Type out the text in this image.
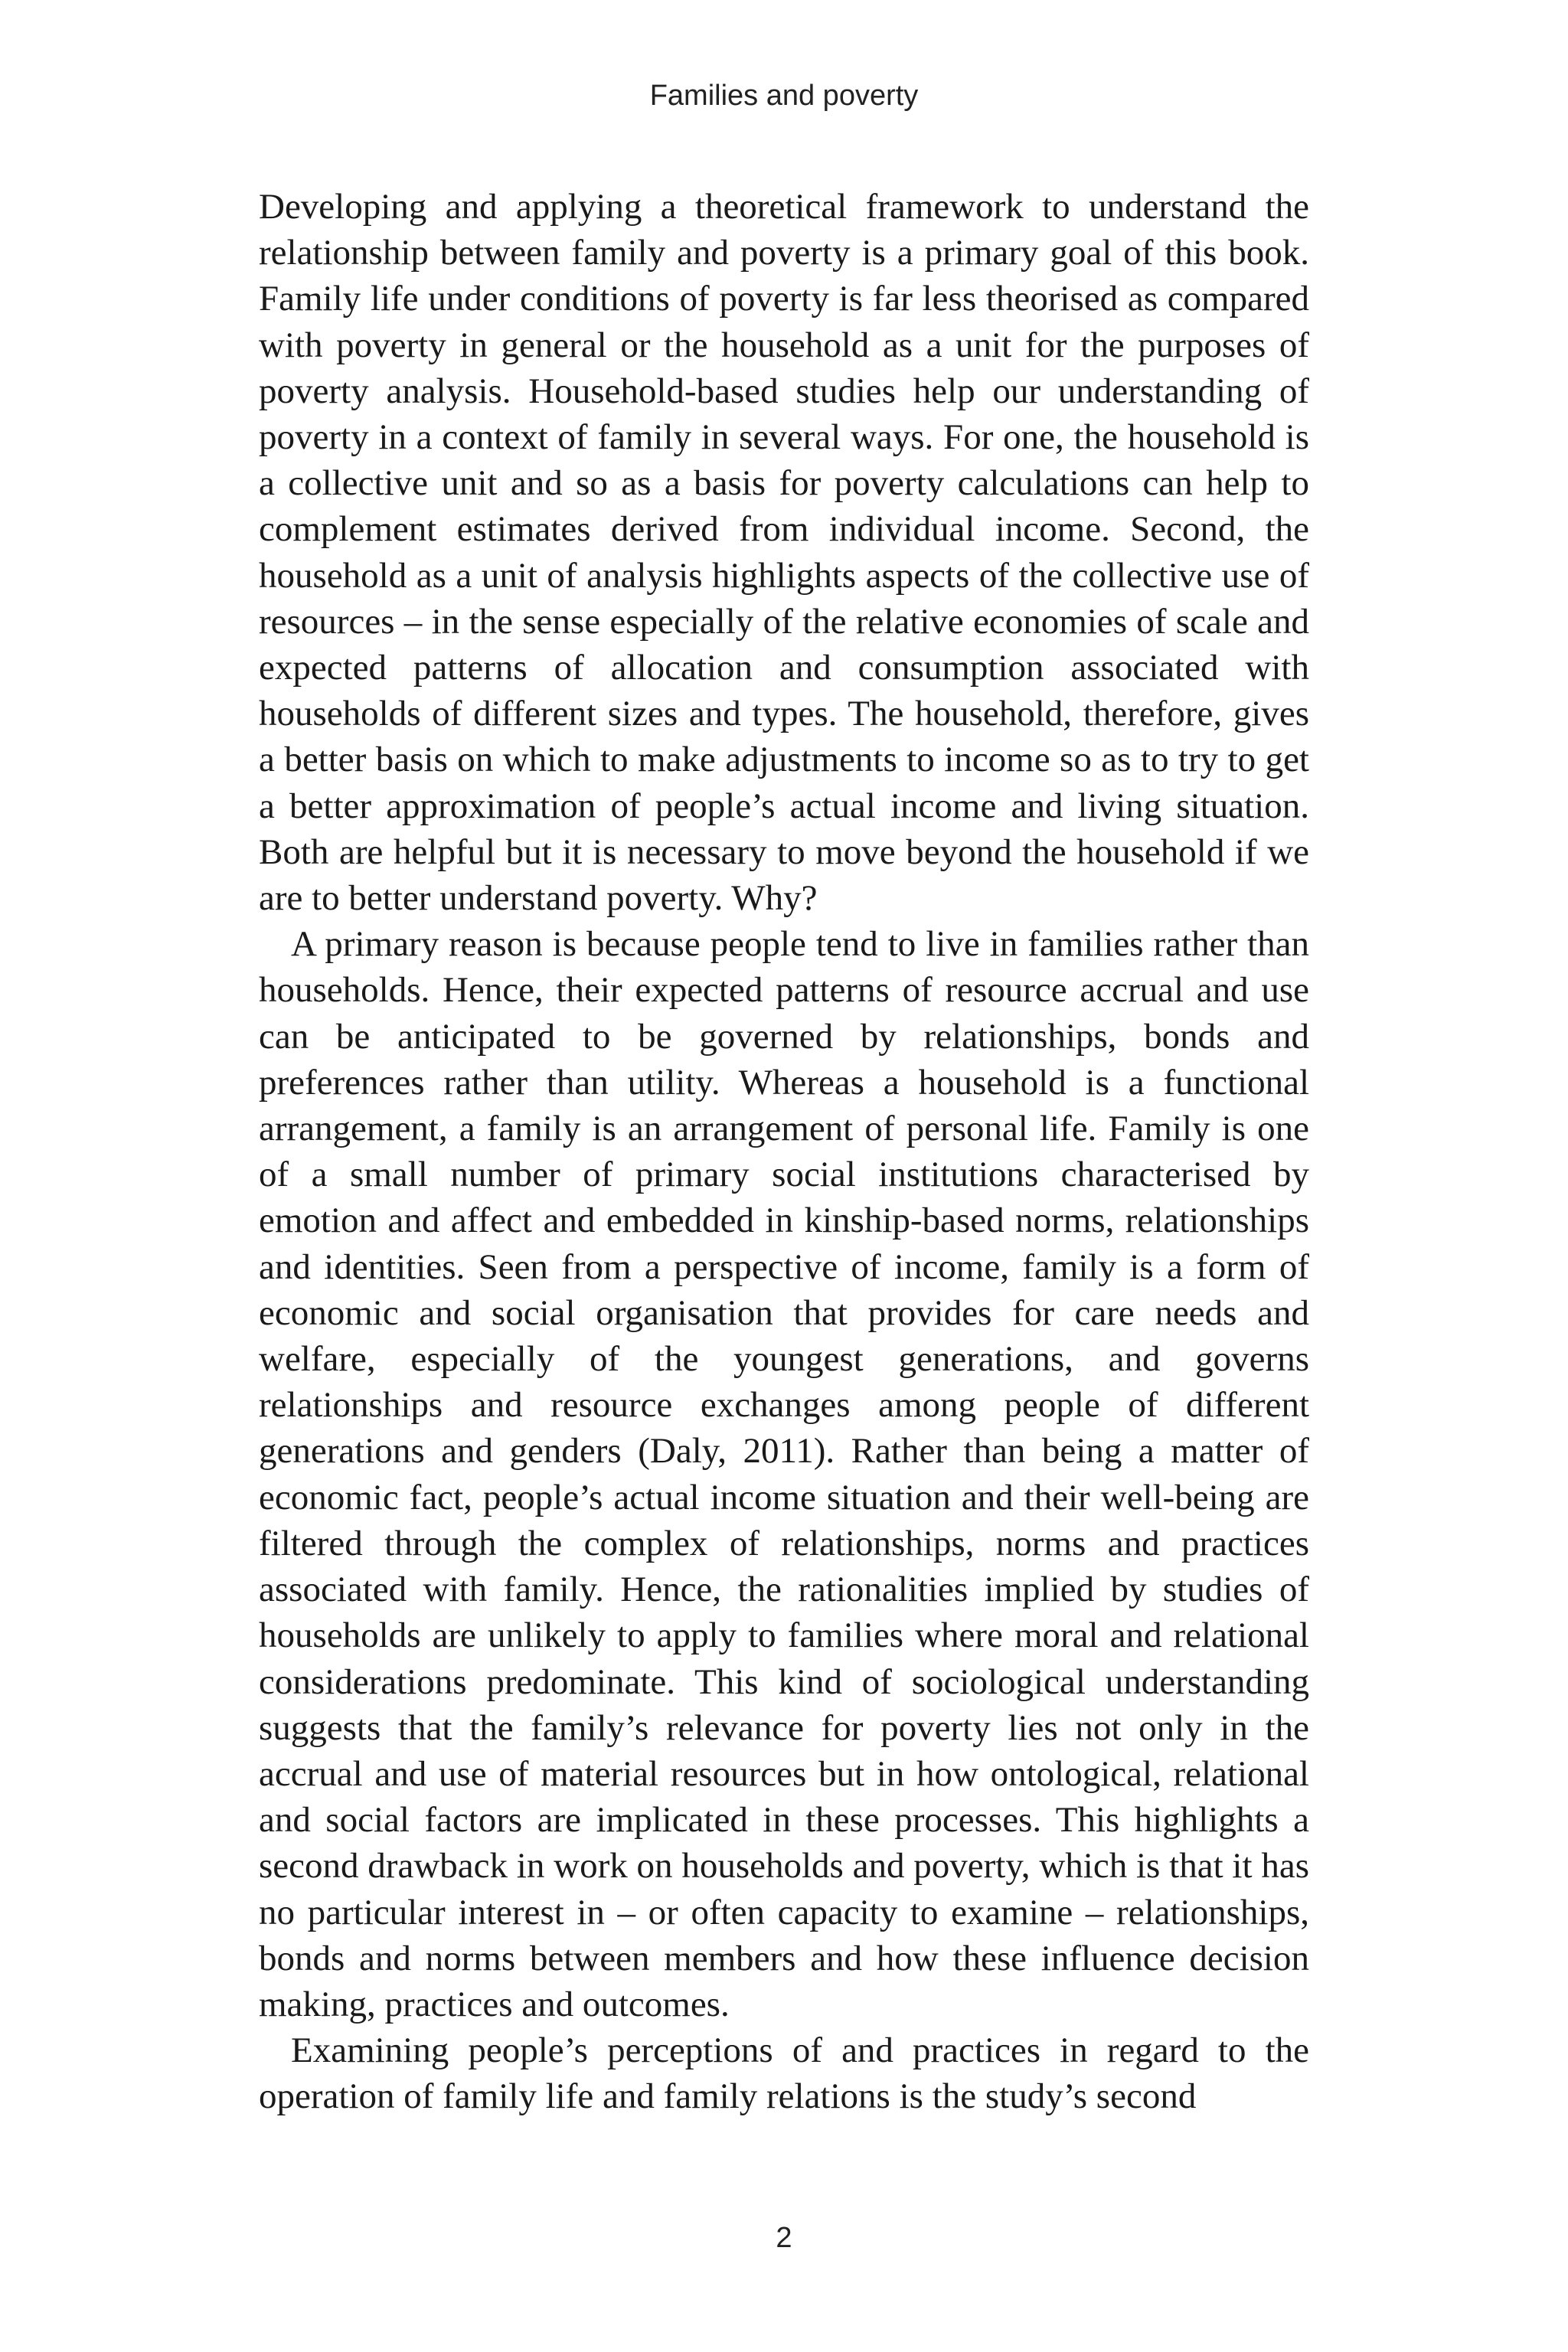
Families and poverty

Developing and applying a theoretical framework to understand the relationship between family and poverty is a primary goal of this book. Family life under conditions of poverty is far less theorised as compared with poverty in general or the household as a unit for the purposes of poverty analysis. Household-based studies help our understanding of poverty in a context of family in several ways. For one, the household is a collective unit and so as a basis for poverty calculations can help to complement estimates derived from individual income. Second, the household as a unit of analysis highlights aspects of the collective use of resources – in the sense especially of the relative economies of scale and expected patterns of allocation and consumption associated with households of different sizes and types. The household, therefore, gives a better basis on which to make adjustments to income so as to try to get a better approximation of people’s actual income and living situation. Both are helpful but it is necessary to move beyond the household if we are to better understand poverty. Why?

A primary reason is because people tend to live in families rather than households. Hence, their expected patterns of resource accrual and use can be anticipated to be governed by relationships, bonds and preferences rather than utility. Whereas a household is a functional arrangement, a family is an arrangement of personal life. Family is one of a small number of primary social institutions characterised by emotion and affect and embedded in kinship-based norms, relationships and identities. Seen from a perspective of income, family is a form of economic and social organisation that provides for care needs and welfare, especially of the youngest generations, and governs relationships and resource exchanges among people of different generations and genders (Daly, 2011). Rather than being a matter of economic fact, people’s actual income situation and their well-being are filtered through the complex of relationships, norms and practices associated with family. Hence, the rationalities implied by studies of households are unlikely to apply to families where moral and relational considerations predominate. This kind of sociological understanding suggests that the family’s relevance for poverty lies not only in the accrual and use of material resources but in how ontological, relational and social factors are implicated in these processes. This highlights a second drawback in work on households and poverty, which is that it has no particular interest in – or often capacity to examine – relationships, bonds and norms between members and how these influence decision making, practices and outcomes.

Examining people’s perceptions of and practices in regard to the operation of family life and family relations is the study’s second

2
